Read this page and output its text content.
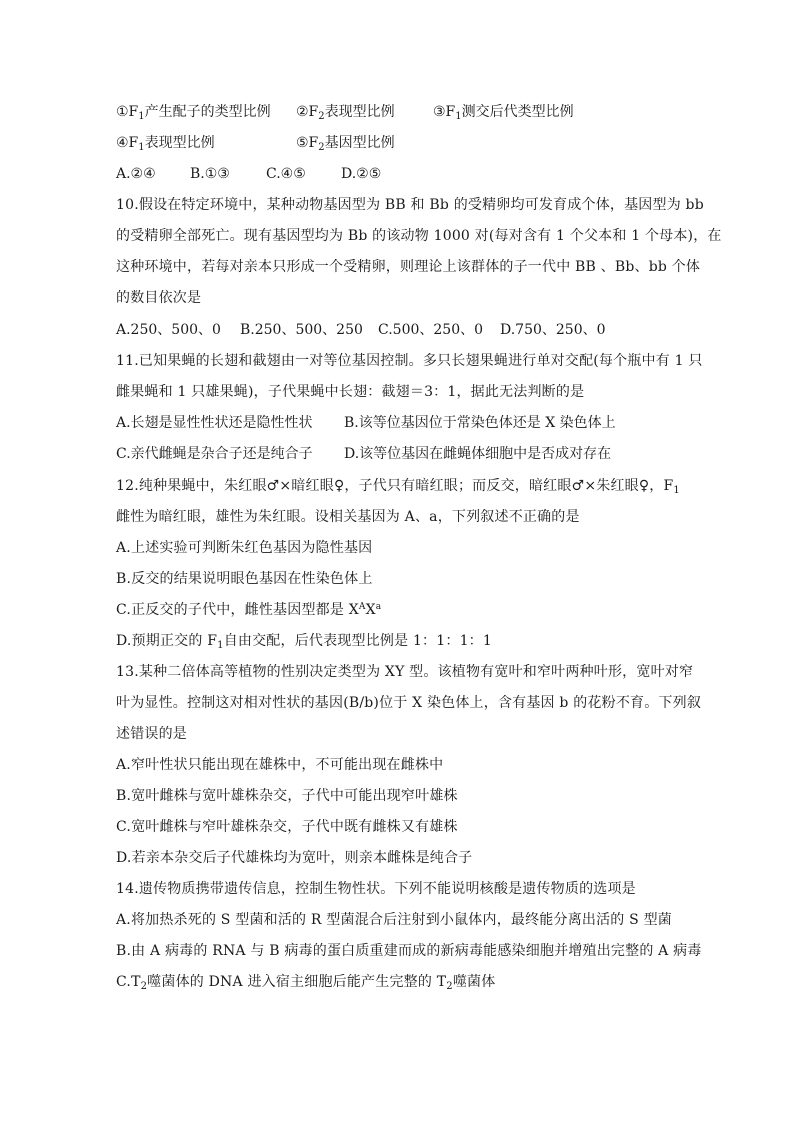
$①F_1$产生配子的类型比例 $②F_2$表现型比例	$③F_1$测交后代类型比例
$④F_1$表现型比例	$⑤F_2$基因型比例
A.②④ B.①③	C.④⑤	D.②⑤
10.假设在特定环境中，某种动物基因型为 BB 和 Bb 的受精卵均可发育成个体，基因型为 bb
的受精卵全部死亡。现有基因型均为 Bb 的该动物 1000 对(每对含有 1 个父本和 1 个母本)，在
这种环境中，若每对亲本只形成一个受精卵，则理论上该群体的子一代中 BB 、Bb、bb 个体
的数目依次是
A.250、500、0 B.250、500、250 C.500、250、0 D.750、250、0
11.已知果蝇的长翅和截翅由一对等位基因控制。多只长翅果蝇进行单对交配(每个瓶中有 1 只
雌果蝇和 1 只雄果蝇)，子代果蝇中长翅：截翅＝3：1，据此无法判断的是
A.长翅是显性性状还是隐性性状 B.该等位基因位于常染色体还是 X 染色体上
C.亲代雌蝇是杂合子还是纯合子 D.该等位基因在雌蝇体细胞中是否成对存在
12.纯种果蝇中，朱红眼♂×暗红眼♀，子代只有暗红眼；而反交，暗红眼♂×朱红眼♀，$F_1$
雌性为暗红眼，雄性为朱红眼。设相关基因为 A、a，下列叙述不正确的是
A.上述实验可判断朱红色基因为隐性基因
B.反交的结果说明眼色基因在性染色体上
C.正反交的子代中，雌性基因型都是 $X^AX^a$
D.预期正交的 $F_1$自由交配，后代表现型比例是 1：1：1：1
13.某种二倍体高等植物的性别决定类型为 XY 型。该植物有宽叶和窄叶两种叶形，宽叶对窄
叶为显性。控制这对相对性状的基因(B/b)位于 X 染色体上，含有基因 b 的花粉不育。下列叙
述错误的是
A.窄叶性状只能出现在雄株中，不可能出现在雌株中
B.宽叶雌株与宽叶雄株杂交，子代中可能出现窄叶雄株
C.宽叶雌株与窄叶雄株杂交，子代中既有雌株又有雄株
D.若亲本杂交后子代雄株均为宽叶，则亲本雌株是纯合子
14.遗传物质携带遗传信息，控制生物性状。下列不能说明核酸是遗传物质的选项是
A.将加热杀死的 S 型菌和活的 R 型菌混合后注射到小鼠体内，最终能分离出活的 S 型菌
B.由 A 病毒的 RNA 与 B 病毒的蛋白质重建而成的新病毒能感染细胞并增殖出完整的 A 病毒
$C.T_2$噬菌体的 DNA 进入宿主细胞后能产生完整的 $T_2$噬菌体
